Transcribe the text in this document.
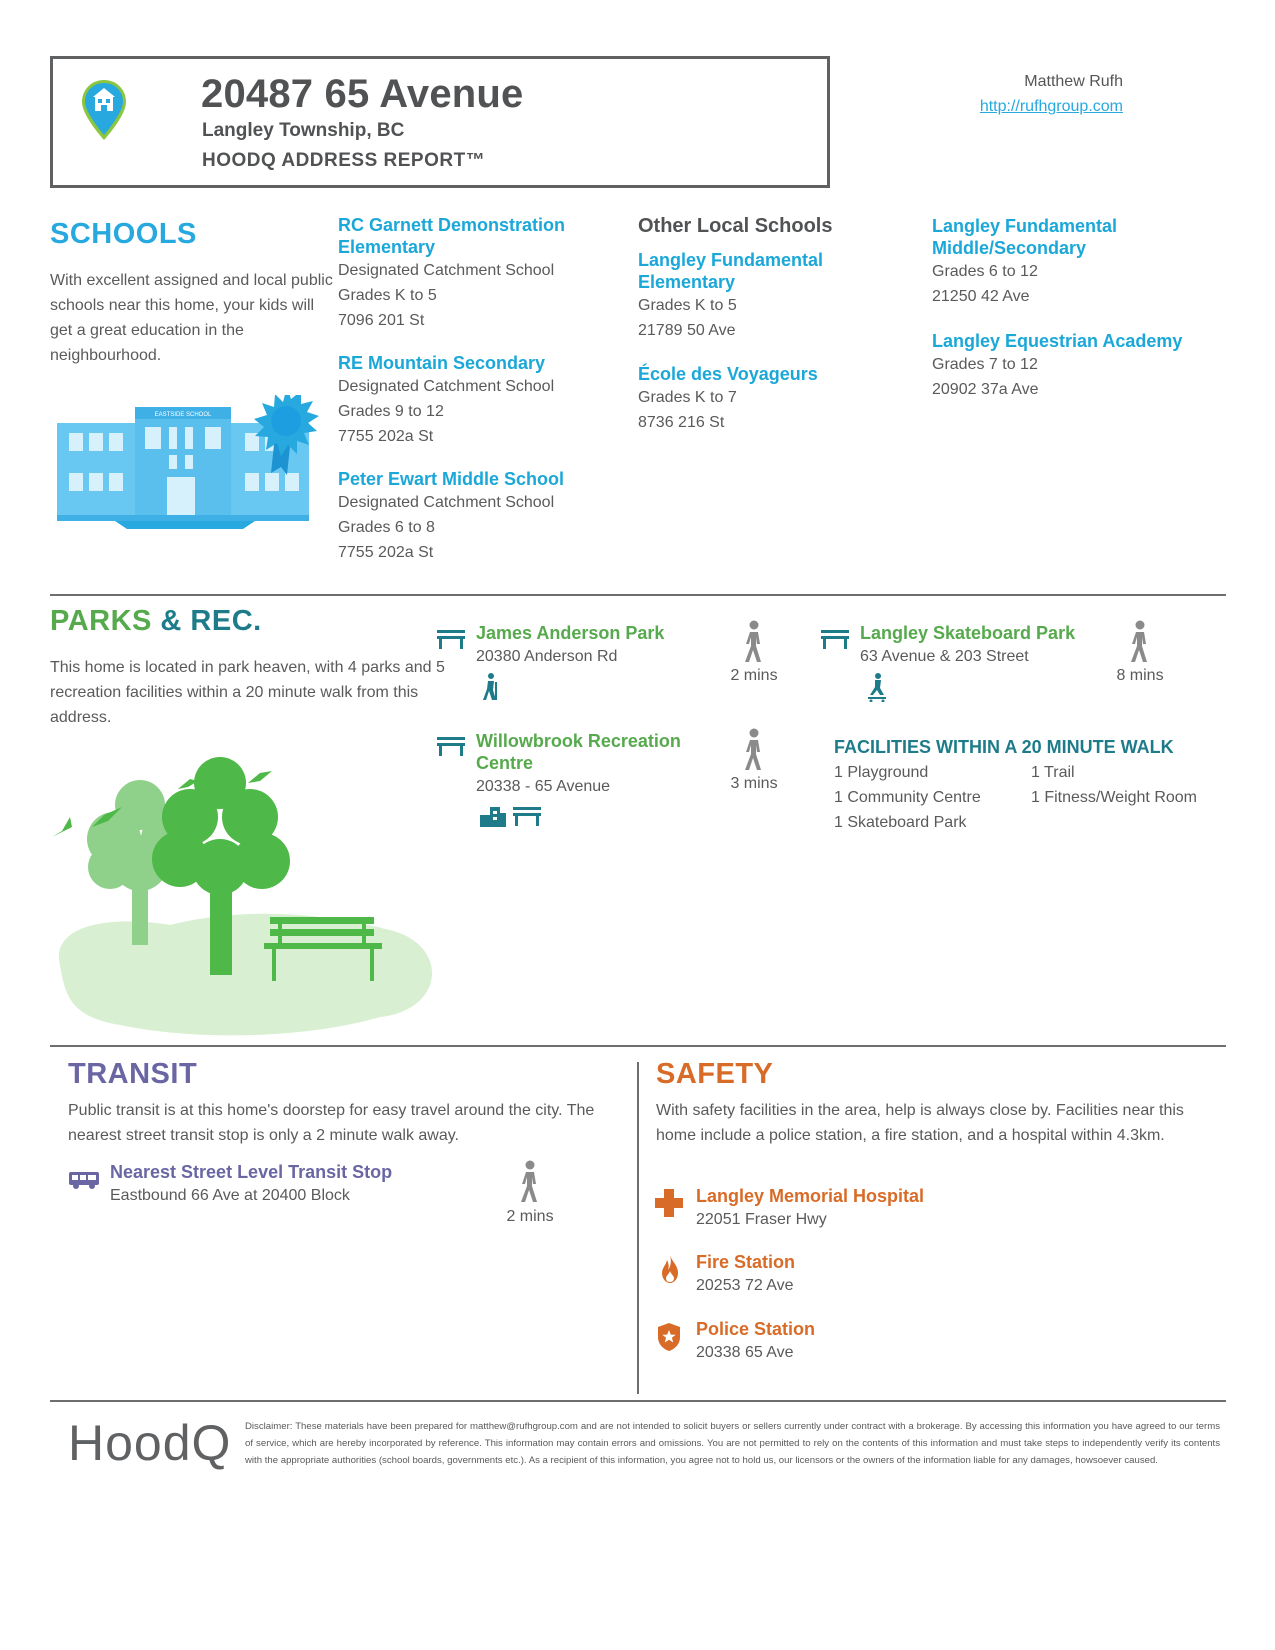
20487 65 Avenue
Langley Township, BC
HOODQ ADDRESS REPORT™
Matthew Rufh
http://rufhgroup.com
SCHOOLS
With excellent assigned and local public schools near this home, your kids will get a great education in the neighbourhood.
EASTSIDE SCHOOL
RC Garnett Demonstration
Elementary
Designated Catchment School
Grades K to 5
7096 201 St
RE Mountain Secondary
Designated Catchment School
Grades 9 to 12
7755 202a St
Peter Ewart Middle School
Designated Catchment School
Grades 6 to 8
7755 202a St
Other Local Schools
Langley Fundamental
Elementary
Grades K to 5
21789 50 Ave
École des Voyageurs
Grades K to 7
8736 216 St
Langley Fundamental
Middle/Secondary
Grades 6 to 12
21250 42 Ave
Langley Equestrian Academy
Grades 7 to 12
20902 37a Ave
PARKS & REC.
This home is located in park heaven, with 4 parks and 5 recreation facilities within a 20 minute walk from this address.
James Anderson Park
20380 Anderson Rd
2 mins
Langley Skateboard Park
63 Avenue & 203 Street
8 mins
Willowbrook Recreation
Centre
20338 - 65 Avenue	3 mins
FACILITIES WITHIN A 20 MINUTE WALK
1 Playground	1 Trail
1 Community Centre	1 Fitness/Weight Room
1 Skateboard Park
TRANSIT
Public transit is at this home's doorstep for easy travel around the city. The nearest street transit stop is only a 2 minute walk away.
Nearest Street Level Transit Stop
Eastbound 66 Ave at 20400 Block
2 mins
SAFETY
With safety facilities in the area, help is always close by. Facilities near this home include a police station, a fire station, and a hospital within 4.3km.
Langley Memorial Hospital
22051 Fraser Hwy
Fire Station
20253 72 Ave
Police Station
20338 65 Ave
HoodQ Disclaimer: These materials have been prepared for matthew@rufhgroup.com and are not intended to solicit buyers or sellers currently under contract with a brokerage. By accessing this information you have agreed to our terms of service, which are hereby incorporated by reference. This information may contain errors and omissions. You are not permitted to rely on the contents of this information and must take steps to independently verify its contents with the appropriate authorities (school boards, governments etc.). As a recipient of this information, you agree not to hold us, our licensors or the owners of the information liable for any damages, howsoever caused.
